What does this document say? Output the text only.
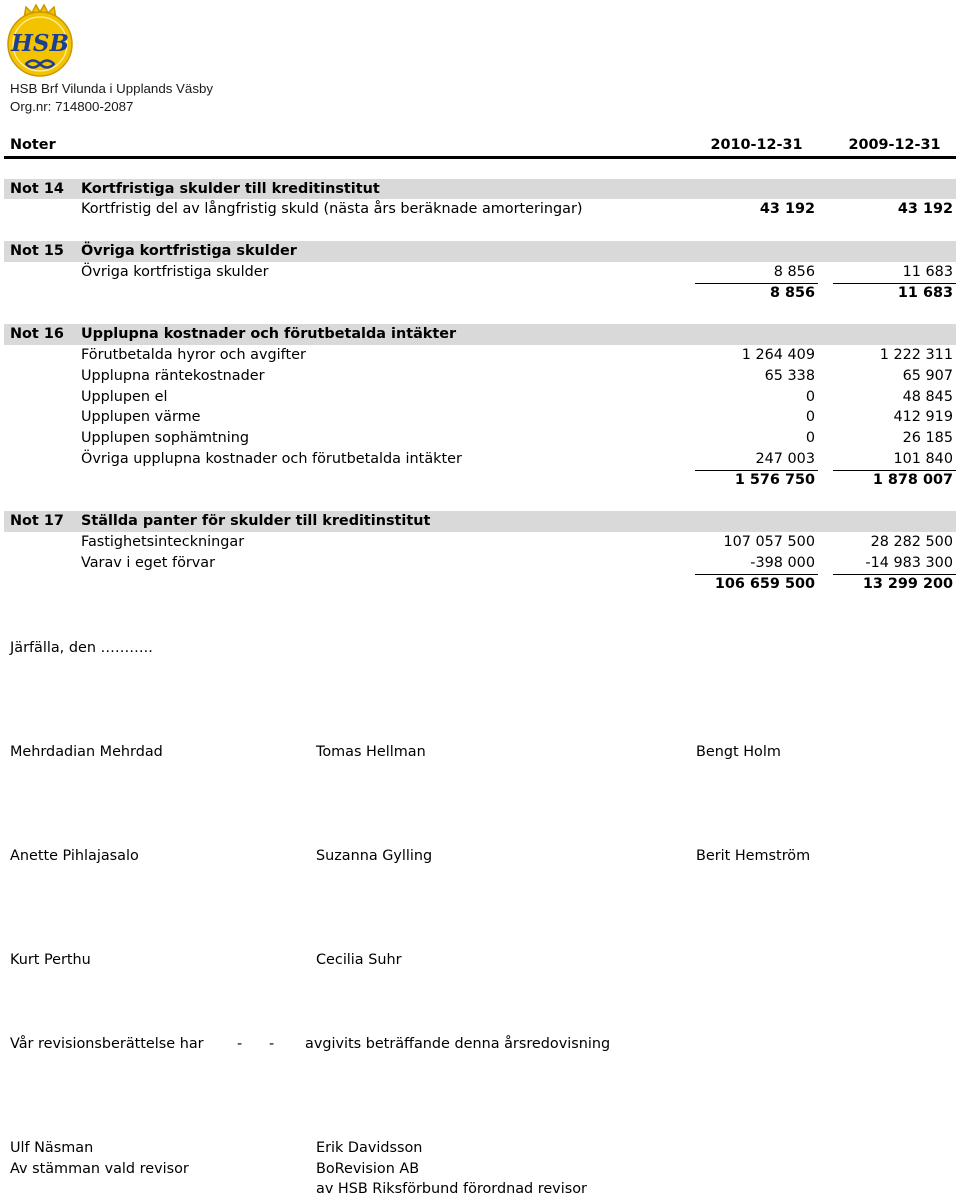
HSB
HSB Brf Vilunda i Upplands Väsby
Org.nr: 714800-2087
Noter	2010-12-31	2009-12-31
Not 14 Kortfristiga skulder till kreditinstitut
Kortfristig del av långfristig skuld (nästa års beräknade amorteringar)	43 192	43 192
Not 15 Övriga kortfristiga skulder
Övriga kortfristiga skulder	8 856	11 683
8 856	11 683
Not 16 Upplupna kostnader och förutbetalda intäkter
Förutbetalda hyror och avgifter	1 264 409	1 222 311
Upplupna räntekostnader	65 338	65 907
Upplupen el	0	48 845
Upplupen värme	0	412 919
Upplupen sophämtning	0	26 185
Övriga upplupna kostnader och förutbetalda intäkter	247 003	101 840
1 576 750	1 878 007
Not 17 Ställda panter för skulder till kreditinstitut
Fastighetsinteckningar	107 057 500	28 282 500
Varav i eget förvar	-398 000	-14 983 300
106 659 500	13 299 200
Järfälla, den ………..
Mehrdadian Mehrdad	Tomas Hellman	Bengt Holm
Anette Pihlajasalo	Suzanna Gylling	Berit Hemström
Kurt Perthu	Cecilia Suhr
Vår revisionsberättelse har - - avgivits beträffande denna årsredovisning
Ulf Näsman
Av stämman vald revisor
Erik Davidsson
BoRevision AB
av HSB Riksförbund förordnad revisor
